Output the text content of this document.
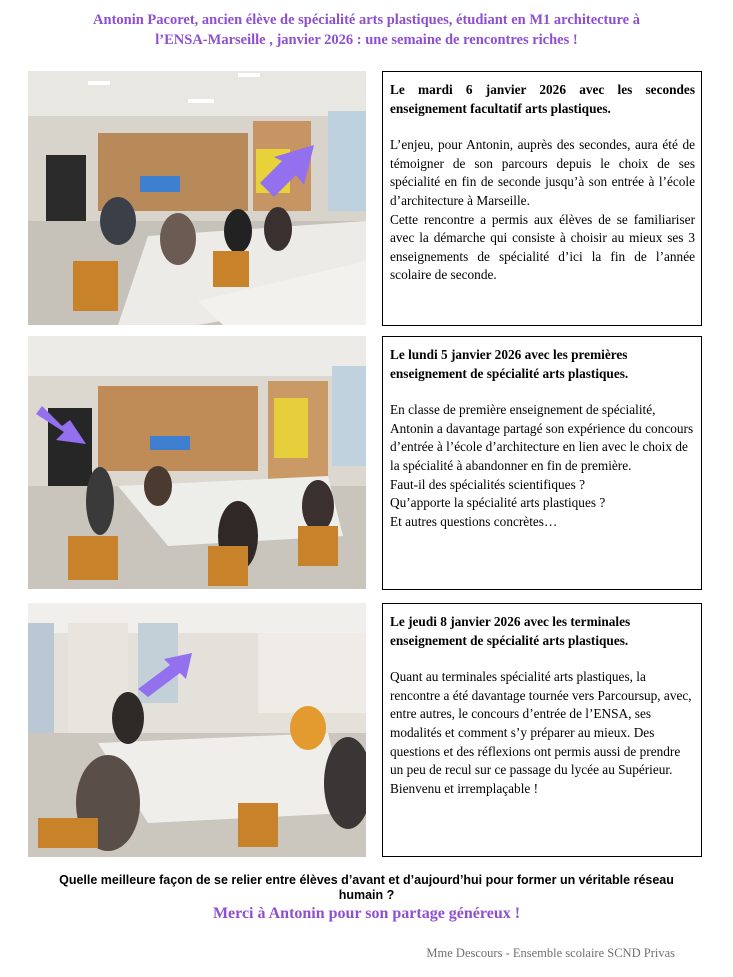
Antonin Pacoret, ancien élève de spécialité arts plastiques, étudiant en M1 architecture à
l’ENSA-Marseille , janvier 2026 : une semaine de rencontres riches !

Le mardi 6 janvier 2026 avec les secondes enseignement facultatif arts plastiques.

L’enjeu, pour Antonin, auprès des secondes, aura été de témoigner de son parcours depuis le choix de ses spécialité en fin de seconde jusqu’à son entrée à l’école d’architecture à Marseille.

Cette rencontre a permis aux élèves de se familiariser avec la démarche qui consiste à choisir au mieux ses 3 enseignements de spécialité d’ici la fin de l’année scolaire de seconde.

Le lundi 5 janvier 2026 avec les premières enseignement de spécialité arts plastiques.

En classe de première enseignement de spécialité, Antonin a davantage partagé son expérience du concours d’entrée à l’école d’architecture en lien avec le choix de la spécialité à abandonner en fin de première.

Faut-il des spécialités scientifiques ?

Qu’apporte la spécialité arts plastiques ?

Et autres questions concrètes…

Le jeudi 8 janvier 2026 avec les terminales enseignement de spécialité arts plastiques.

Quant au terminales spécialité arts plastiques, la rencontre a été davantage tournée vers Parcoursup, avec, entre autres, le concours d’entrée de l’ENSA, ses modalités et comment s’y préparer au mieux. Des questions et des réflexions ont permis aussi de prendre un peu de recul sur ce passage du lycée au Supérieur.

Bienvenu et irremplaçable !

Quelle meilleure façon de se relier entre élèves d’avant et d’aujourd’hui pour former un véritable réseau humain ?
Merci à Antonin pour son partage généreux !
Mme Descours - Ensemble scolaire SCND Privas
